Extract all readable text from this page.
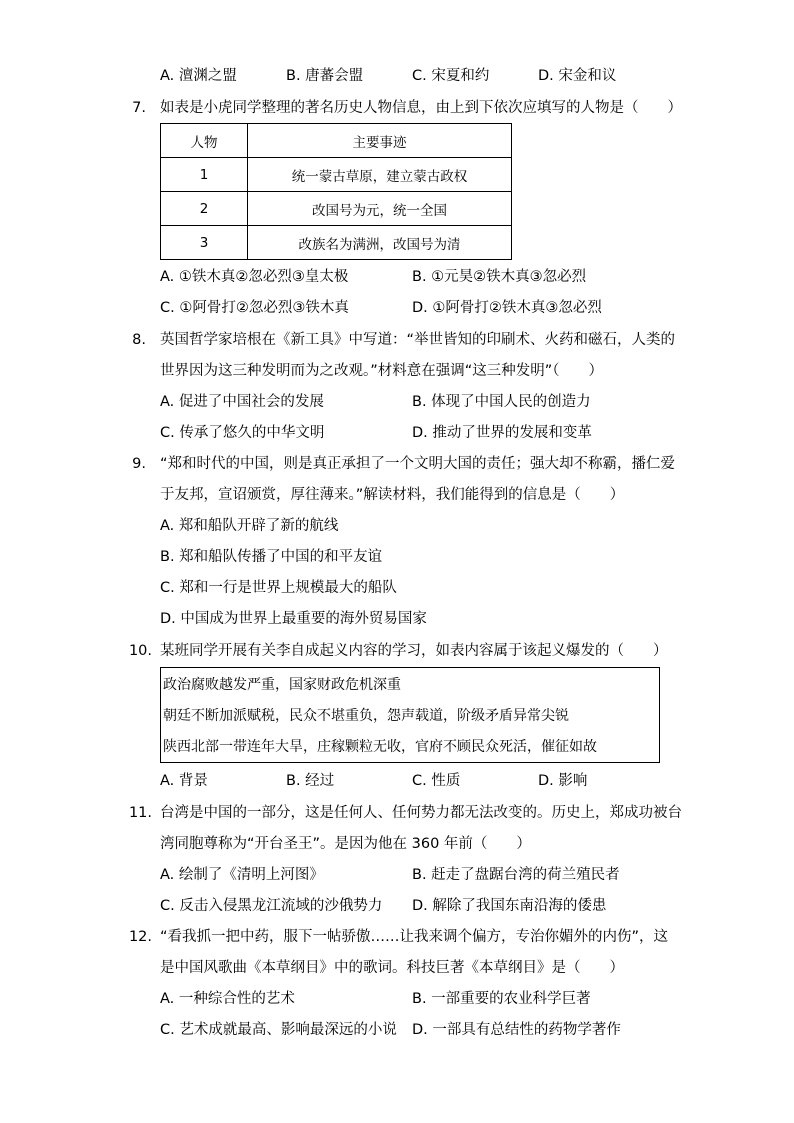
A. 澶渊之盟	B. 唐蕃会盟	C. 宋夏和约	D. 宋金和议
7. 如表是小虎同学整理的著名历史人物信息，由上到下依次应填写的人物是（　　）
人物	主要事迹
1	统一蒙古草原，建立蒙古政权
2	改国号为元，统一全国
3	改族名为满洲，改国号为清
A. ①铁木真②忽必烈③皇太极	B. ①元昊②铁木真③忽必烈
C. ①阿骨打②忽必烈③铁木真	D. ①阿骨打②铁木真③忽必烈
8. 英国哲学家培根在《新工具》中写道：“举世皆知的印刷术、火药和磁石，人类的
世界因为这三种发明而为之改观。”材料意在强调“这三种发明”（　　）
A. 促进了中国社会的发展	B. 体现了中国人民的创造力
C. 传承了悠久的中华文明	D. 推动了世界的发展和变革
9. “郑和时代的中国，则是真正承担了一个文明大国的责任；强大却不称霸，播仁爱
于友邦，宣诏颁赏，厚往薄来。”解读材料，我们能得到的信息是（　　）
A. 郑和船队开辟了新的航线
B. 郑和船队传播了中国的和平友谊
C. 郑和一行是世界上规模最大的船队
D. 中国成为世界上最重要的海外贸易国家
10. 某班同学开展有关李自成起义内容的学习，如表内容属于该起义爆发的（　　）
政治腐败越发严重，国家财政危机深重
朝廷不断加派赋税，民众不堪重负，怨声载道，阶级矛盾异常尖锐
陕西北部一带连年大旱，庄稼颗粒无收，官府不顾民众死活，催征如故
A. 背景	B. 经过	C. 性质	D. 影响
11. 台湾是中国的一部分，这是任何人、任何势力都无法改变的。历史上，郑成功被台
湾同胞尊称为“开台圣王”。是因为他在 360 年前（　　）
A. 绘制了《清明上河图》	B. 赶走了盘踞台湾的荷兰殖民者
C. 反击入侵黑龙江流域的沙俄势力 D. 解除了我国东南沿海的倭患
12. “看我抓一把中药，服下一帖骄傲……让我来调个偏方，专治你媚外的内伤”，这
是中国风歌曲《本草纲目》中的歌词。科技巨著《本草纲目》是（　　）
A. 一种综合性的艺术	B. 一部重要的农业科学巨著
C. 艺术成就最高、影响最深远的小说 D. 一部具有总结性的药物学著作
